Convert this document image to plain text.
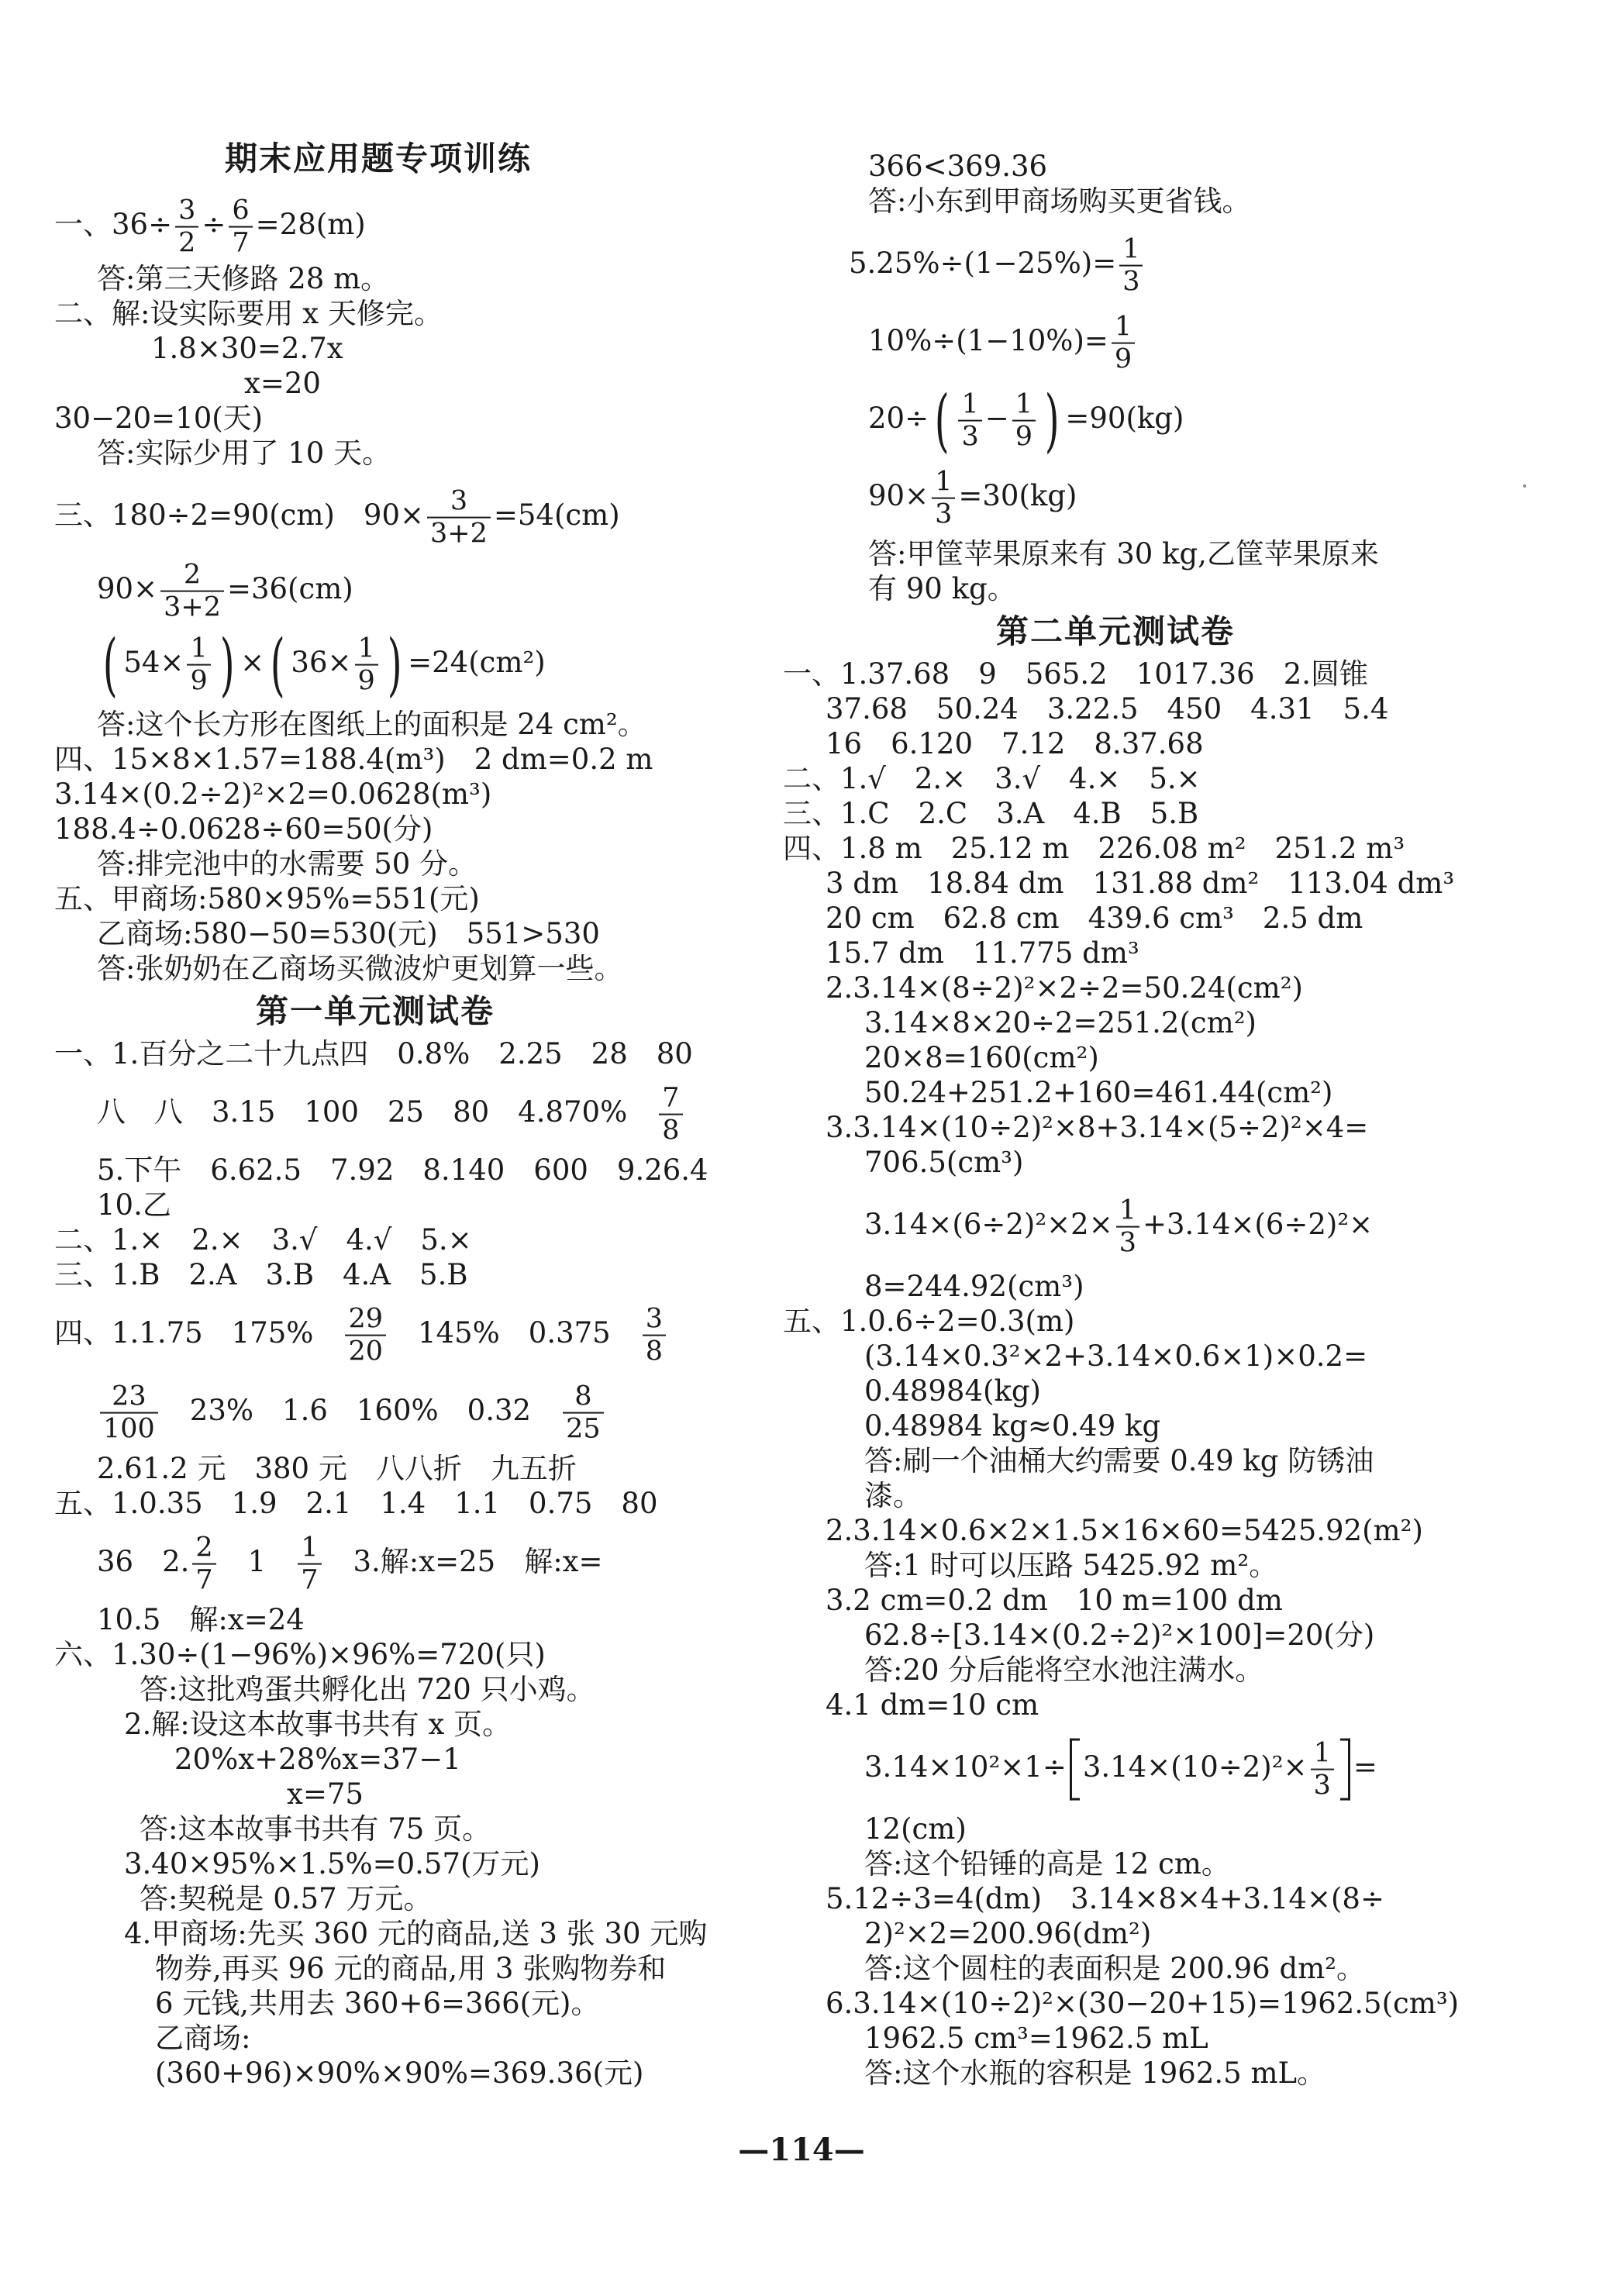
期末应用题专项训练
一、$36\div \frac{3}{2} \div \frac{6}{7} =28(m)$
答:第三天修路 28 m。
二、解:设实际要用 x 天修完。
1.8×30=2.7x
x=20
30−20=10(天)
答:实际少用了 10 天。
三、180÷2=90(cm)　$90\times \frac{3}{3+2} =54(cm)$
$90\times \frac{2}{3+2} =36(cm)$
( $54\times \frac{1}{9}$ ) ×( $36\times \frac{1}{9}$ ) =24(cm²)
答:这个长方形在图纸上的面积是 24 cm²。
四、15×8×1.57=188.4(m³)　2 dm=0.2 m
3.14×(0.2÷2)²×2=0.0628(m³)
188.4÷0.0628÷60=50(分)
答:排完池中的水需要 50 分。
五、甲商场:580×95%=551(元)
乙商场:580−50=530(元)　551>530
答:张奶奶在乙商场买微波炉更划算一些。
第一单元测试卷
一、1.百分之二十九点四　0.8%　2.25　28　80
八　八　3.15　100　25　80　4.870%　 $\frac{7}{8}$
5.下午　6.62.5　7.92　8.140　600　9.26.4
10.乙
二、1.×　2.×　3.√　4.√　5.×
三、1.B　2.A　3.B　4.A　5.B
四、1.1.75　175%　 $\frac{29}{20}$ 　145%　0.375　 $\frac{3}{8}$
$\frac{23}{100}$ 　23%　1.6　160%　0.32　 $\frac{8}{25}$
2.61.2 元　380 元　八八折　九五折
五、1.0.35　1.9　2.1　1.4　1.1　0.75　80
36　2. $\frac{2}{7}$ 　1　 $\frac{1}{7}$ 　3.解:x=25　解:x=
10.5　解:x=24
六、1.30÷(1−96%)×96%=720(只)
答:这批鸡蛋共孵化出 720 只小鸡。
2.解:设这本故事书共有 x 页。
20%x+28%x=37−1
x=75
答:这本故事书共有 75 页。
3.40×95%×1.5%=0.57(万元)
答:契税是 0.57 万元。
4.甲商场:先买 360 元的商品,送 3 张 30 元购
物券,再买 96 元的商品,用 3 张购物券和
6 元钱,共用去 360+6=366(元)。
乙商场:
(360+96)×90%×90%=369.36(元)
366<369.36
答:小东到甲商场购买更省钱。
$5.25\%\div(1-25\%)= \frac{1}{3}$
$10\%\div(1-10\%)= \frac{1}{9}$
$20\div( \frac{1}{3} - \frac{1}{9}$ ) =90(kg)
$90\times \frac{1}{3} =30(kg)$
答:甲筐苹果原来有 30 kg,乙筐苹果原来
有 90 kg。
第二单元测试卷
一、1.37.68　9　565.2　1017.36　2.圆锥
37.68　50.24　3.22.5　450　4.31　5.4
16　6.120　7.12　8.37.68
二、1.√　2.×　3.√　4.×　5.×
三、1.C　2.C　3.A　4.B　5.B
四、1.8 m　25.12 m　226.08 m²　251.2 m³
3 dm　18.84 dm　131.88 dm²　113.04 dm³
20 cm　62.8 cm　439.6 cm³　2.5 dm
15.7 dm　11.775 dm³
2.3.14×(8÷2)²×2÷2=50.24(cm²)
3.14×8×20÷2=251.2(cm²)
20×8=160(cm²)
50.24+251.2+160=461.44(cm²)
3.3.14×(10÷2)²×8+3.14×(5÷2)²×4=
706.5(cm³)
$3.14\times(6\div 2)^2\times 2\times \frac{1}{3} +3.14\times(6\div 2)^2\times$
8=244.92(cm³)
五、1.0.6÷2=0.3(m)
(3.14×0.3²×2+3.14×0.6×1)×0.2=
0.48984(kg)
0.48984 kg≈0.49 kg
答:刷一个油桶大约需要 0.49 kg 防锈油
漆。
2.3.14×0.6×2×1.5×16×60=5425.92(m²)
答:1 时可以压路 5425.92 m²。
3.2 cm=0.2 dm　10 m=100 dm
62.8÷[3.14×(0.2÷2)²×100]=20(分)
答:20 分后能将空水池注满水。
4.1 dm=10 cm
$3.14\times 10^2\times 1\div 3.14\times(10\div 2)^2\times \frac{1}{3}$ =
12(cm)
答:这个铅锤的高是 12 cm。
5.12÷3=4(dm)　3.14×8×4+3.14×(8÷
2)²×2=200.96(dm²)
答:这个圆柱的表面积是 200.96 dm²。
6.3.14×(10÷2)²×(30−20+15)=1962.5(cm³)
1962.5 cm³=1962.5 mL
答:这个水瓶的容积是 1962.5 mL。
—114—
